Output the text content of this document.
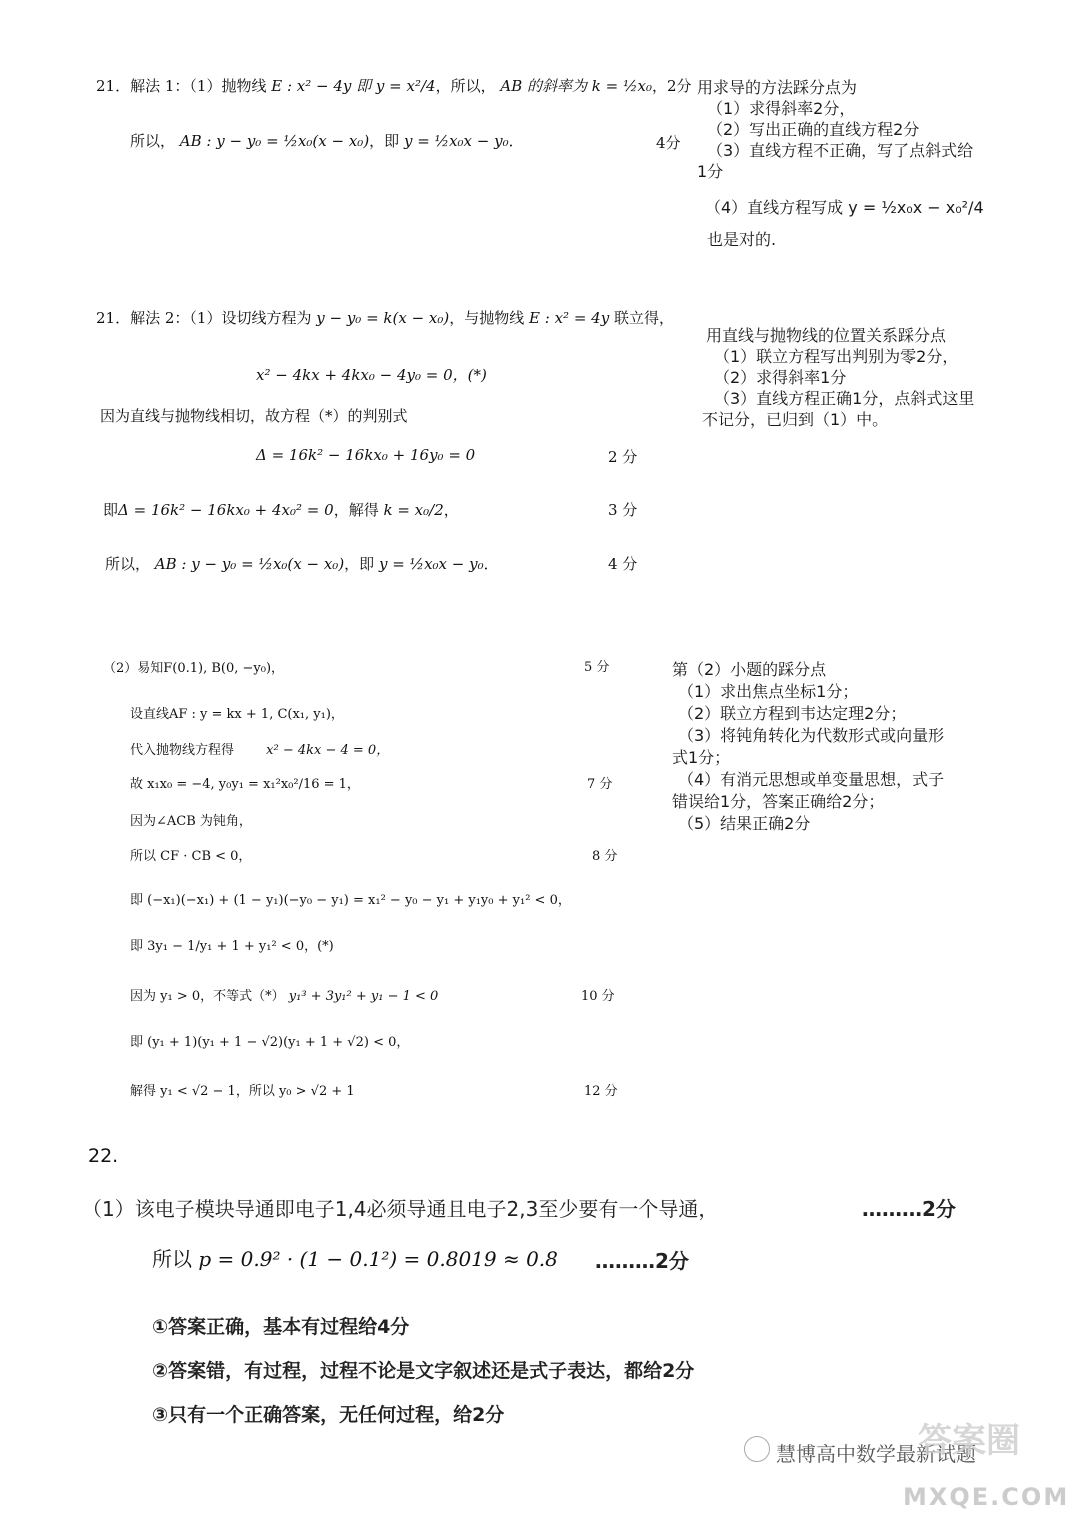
21．解法 1：（1）抛物线 E : x² − 4y 即 y = x²/4，所以， AB 的斜率为 k = ½x₀，2分
所以， AB : y − y₀ = ½x₀(x − x₀)，即 y = ½x₀x − y₀．	4分
用求导的方法踩分点为
（1）求得斜率2分，
（2）写出正确的直线方程2分
（3）直线方程不正确，写了点斜式给
1分
（4）直线方程写成 y = ½x₀x − x₀²/4
也是对的.
21．解法 2：（1）设切线方程为 y − y₀ = k(x − x₀)，与抛物线 E : x² = 4y 联立得，
x² − 4kx + 4kx₀ − 4y₀ = 0，(*)
因为直线与抛物线相切，故方程（*）的判别式
Δ = 16k² − 16kx₀ + 16y₀ = 0	2 分
即Δ = 16k² − 16kx₀ + 4x₀² = 0，解得 k = x₀/2，	3 分
所以， AB : y − y₀ = ½x₀(x − x₀)，即 y = ½x₀x − y₀．	4 分
用直线与抛物线的位置关系踩分点
（1）联立方程写出判别为零2分，
（2）求得斜率1分
（3）直线方程正确1分，点斜式这里
不记分，已归到（1）中。
（2）易知F(0.1), B(0, −y₀)，	5 分
设直线AF : y = kx + 1, C(x₁, y₁)，
代入抛物线方程得 x² − 4kx − 4 = 0，
故 x₁x₀ = −4, y₀y₁ = x₁²x₀²/16 = 1，	7 分
因为∠ACB 为钝角，
所以 CF · CB < 0，	8 分
即 (−x₁)(−x₁) + (1 − y₁)(−y₀ − y₁) = x₁² − y₀ − y₁ + y₁y₀ + y₁² < 0，
即 3y₁ − 1/y₁ + 1 + y₁² < 0，(*)
因为 y₁ > 0，不等式（*） y₁³ + 3y₁² + y₁ − 1 < 0	10 分
即 (y₁ + 1)(y₁ + 1 − √2)(y₁ + 1 + √2) < 0，
解得 y₁ < √2 − 1，所以 y₀ > √2 + 1	12 分
第（2）小题的踩分点
（1）求出焦点坐标1分；
（2）联立方程到韦达定理2分；
（3）将钝角转化为代数形式或向量形
式1分；
（4）有消元思想或单变量思想，式子
错误给1分，答案正确给2分；
（5）结果正确2分
22.
（1）该电子模块导通即电子1,4必须导通且电子2,3至少要有一个导通，	………2分
所以 p = 0.9² · (1 − 0.1²) = 0.8019 ≈ 0.8 ………2分
①答案正确，基本有过程给4分
②答案错，有过程，过程不论是文字叙述还是式子表达，都给2分
③只有一个正确答案，无任何过程，给2分
慧博高中数学最新试题
答案圈
MXQE.COM
